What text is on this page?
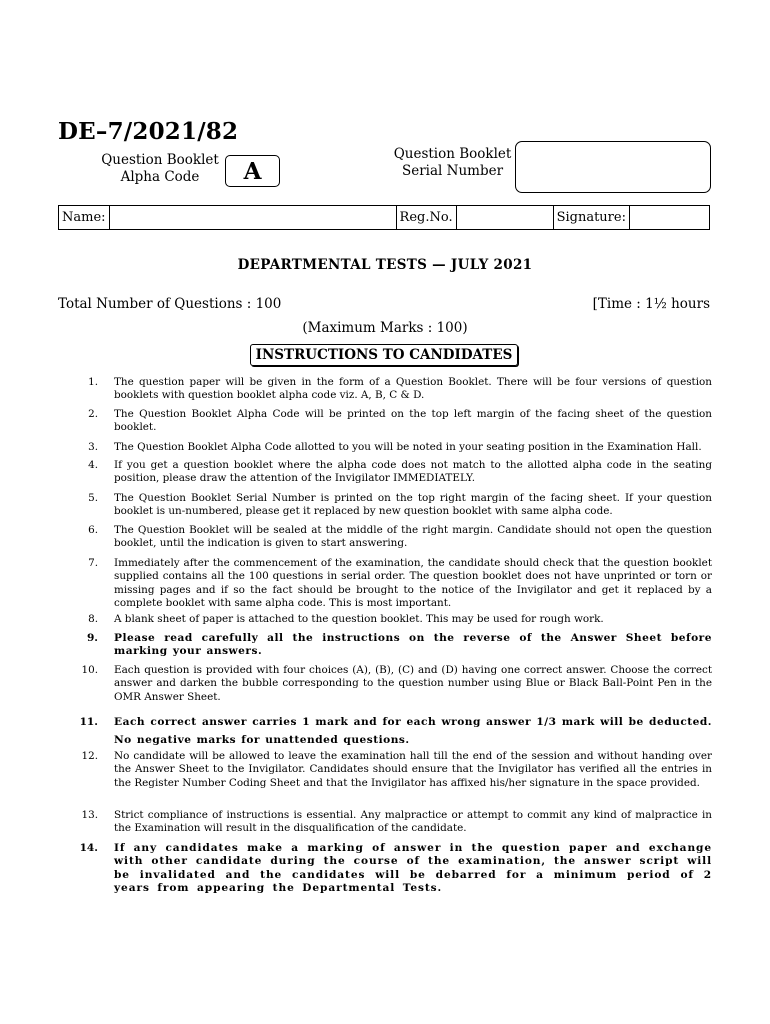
DE–7/2021/82
Question Booklet
Alpha Code	A
Question Booklet
Serial Number
Name:		Reg.No.		Signature:	
DEPARTMENTAL TESTS — JULY 2021
Total Number of Questions : 100	[Time : 1½ hours
(Maximum Marks : 100)
INSTRUCTIONS TO CANDIDATES
1. The question paper will be given in the form of a Question Booklet. There will be four versions of question booklets with question booklet alpha code viz. A, B, C & D.
2. The Question Booklet Alpha Code will be printed on the top left margin of the facing sheet of the question booklet.
3. The Question Booklet Alpha Code allotted to you will be noted in your seating position in the Examination Hall.
4. If you get a question booklet where the alpha code does not match to the allotted alpha code in the seating position, please draw the attention of the Invigilator IMMEDIATELY.
5. The Question Booklet Serial Number is printed on the top right margin of the facing sheet. If your question booklet is un-numbered, please get it replaced by new question booklet with same alpha code.
6. The Question Booklet will be sealed at the middle of the right margin. Candidate should not open the question booklet, until the indication is given to start answering.
7. Immediately after the commencement of the examination, the candidate should check that the question booklet supplied contains all the 100 questions in serial order. The question booklet does not have unprinted or torn or missing pages and if so the fact should be brought to the notice of the Invigilator and get it replaced by a complete booklet with same alpha code. This is most important.
8. A blank sheet of paper is attached to the question booklet. This may be used for rough work.
9. Please read carefully all the instructions on the reverse of the Answer Sheet before marking your answers.
10. Each question is provided with four choices (A), (B), (C) and (D) having one correct answer. Choose the correct answer and darken the bubble corresponding to the question number using Blue or Black Ball-Point Pen in the OMR Answer Sheet.
11. Each correct answer carries 1 mark and for each wrong answer 1/3 mark will be deducted. No negative marks for unattended questions.
12. No candidate will be allowed to leave the examination hall till the end of the session and without handing over the Answer Sheet to the Invigilator. Candidates should ensure that the Invigilator has verified all the entries in the Register Number Coding Sheet and that the Invigilator has affixed his/her signature in the space provided.
13. Strict compliance of instructions is essential. Any malpractice or attempt to commit any kind of malpractice in the Examination will result in the disqualification of the candidate.
14. If any candidates make a marking of answer in the question paper and exchange with other candidate during the course of the examination, the answer script will be invalidated and the candidates will be debarred for a minimum period of 2 years from appearing the Departmental Tests.
